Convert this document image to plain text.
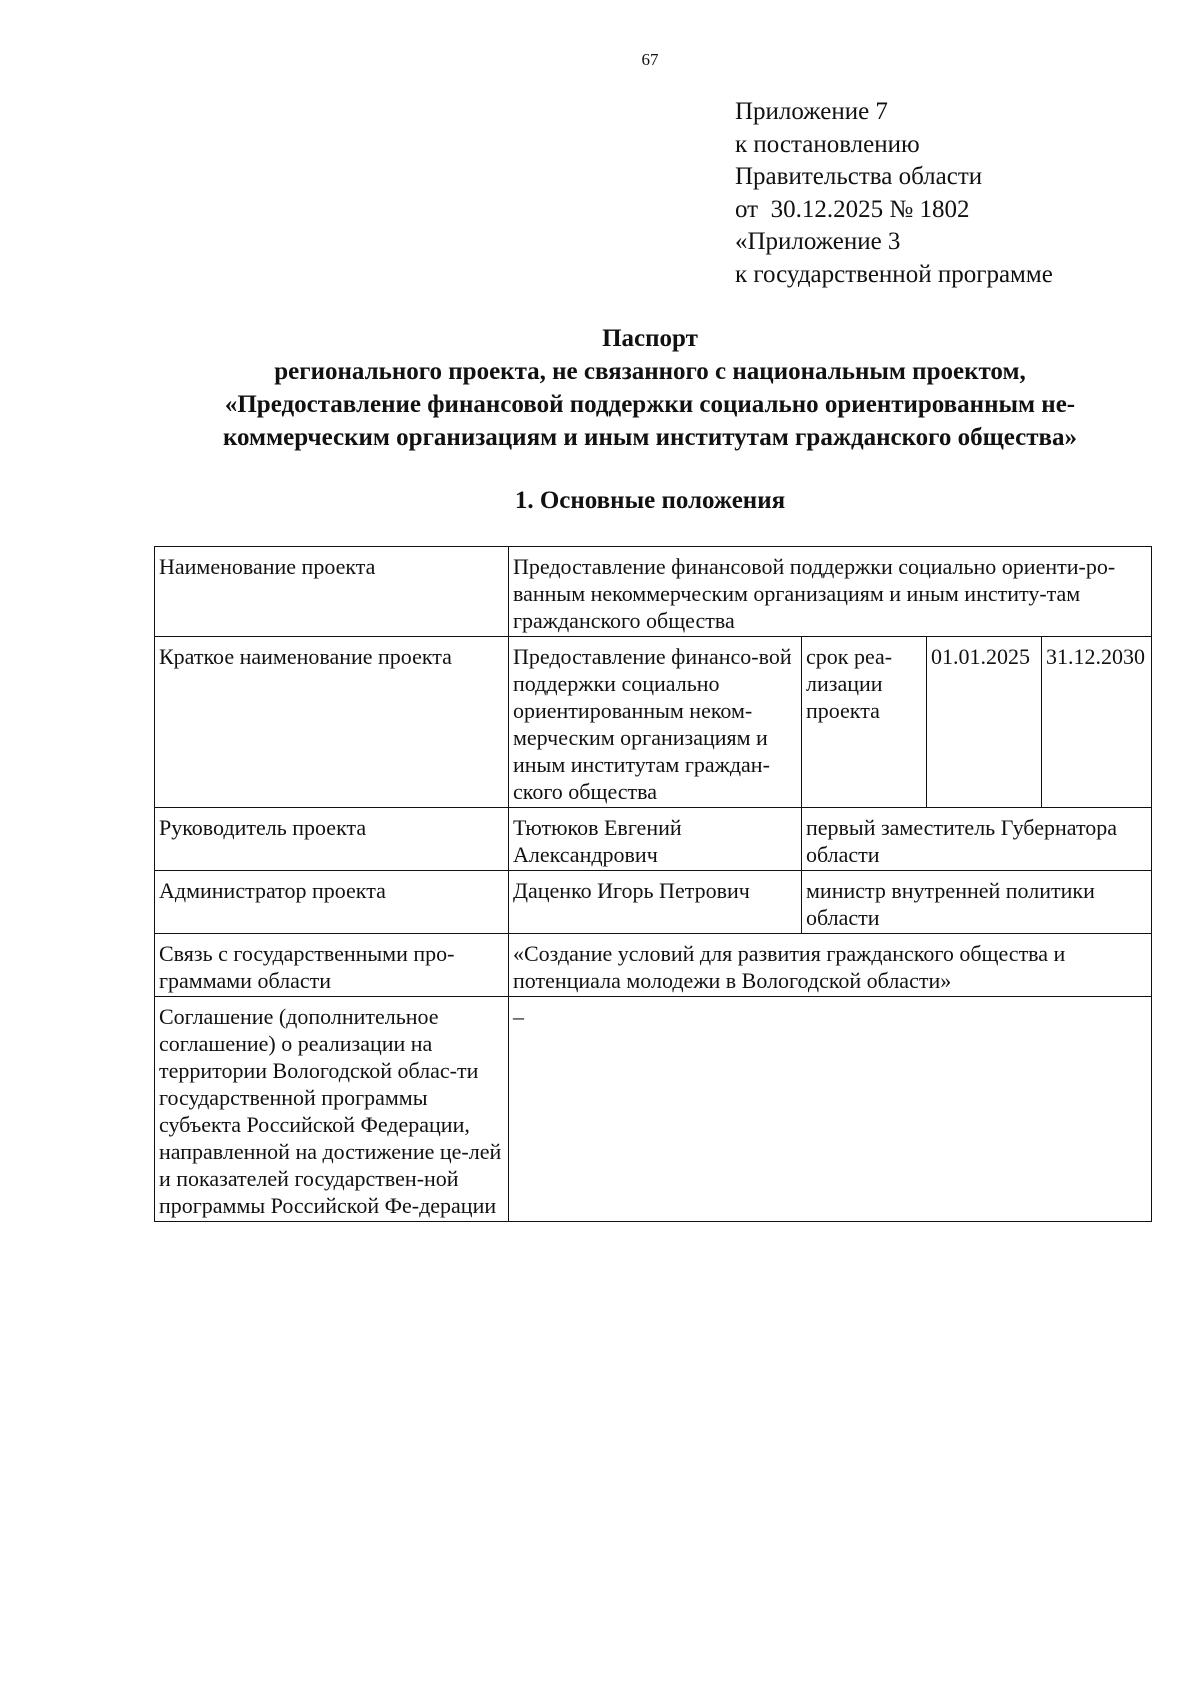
67
Приложение 7
к постановлению
Правительства области
от  30.12.2025 № 1802
«Приложение 3
к государственной программе
Паспорт
регионального проекта, не связанного с национальным проектом,
«Предоставление финансовой поддержки социально ориентированным не-
коммерческим организациям и иным институтам гражданского общества»
1. Основные положения
Наименование проекта	Предоставление финансовой поддержки социально ориенти-рованным некоммерческим организациям и иным институ-там гражданского общества			
Краткое наименование проекта	Предоставление финансо-вой поддержки социально ориентированным неком-мерческим организациям и иным институтам граждан-ского общества	срок реа-лизации проекта	01.01.2025	31.12.2030
Руководитель проекта	Тютюков Евгений Александрович	первый заместитель Губернатора области		
Администратор проекта	Даценко Игорь Петрович	министр внутренней политики области		
Связь с государственными про-граммами области	«Создание условий для развития гражданского общества и потенциала молодежи в Вологодской области»			
Соглашение (дополнительное соглашение) о реализации на территории Вологодской облас-ти государственной программы субъекта Российской Федерации, направленной на достижение це-лей и показателей государствен-ной программы Российской Фе-дерации	–			
